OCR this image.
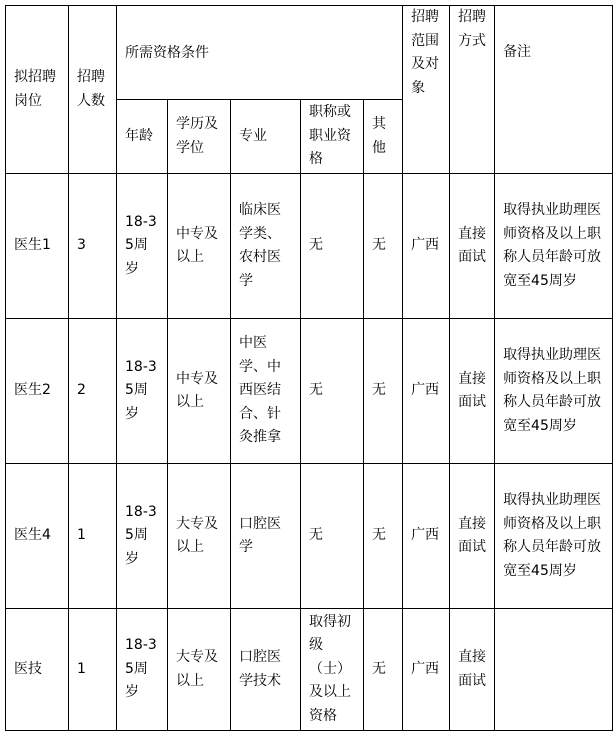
拟招聘岗位	招聘人数	所需资格条件					招聘范围及对象	招聘方式	备注
		年龄	学历及学位	专业	职称或职业资格	其他			
医生1	3	18-35周岁	中专及以上	临床医学类、农村医学	无	无	广西	直接面试	取得执业助理医师资格及以上职称人员年龄可放宽至45周岁
医生2	2	18-35周岁	中专及以上	中医学、中西医结合、针灸推拿	无	无	广西	直接面试	取得执业助理医师资格及以上职称人员年龄可放宽至45周岁
医生4	1	18-35周岁	大专及以上	口腔医学	无	无	广西	直接面试	取得执业助理医师资格及以上职称人员年龄可放宽至45周岁
医技	1	18-35周岁	大专及以上	口腔医学技术	取得初级（士）及以上资格	无	广西	直接面试	
